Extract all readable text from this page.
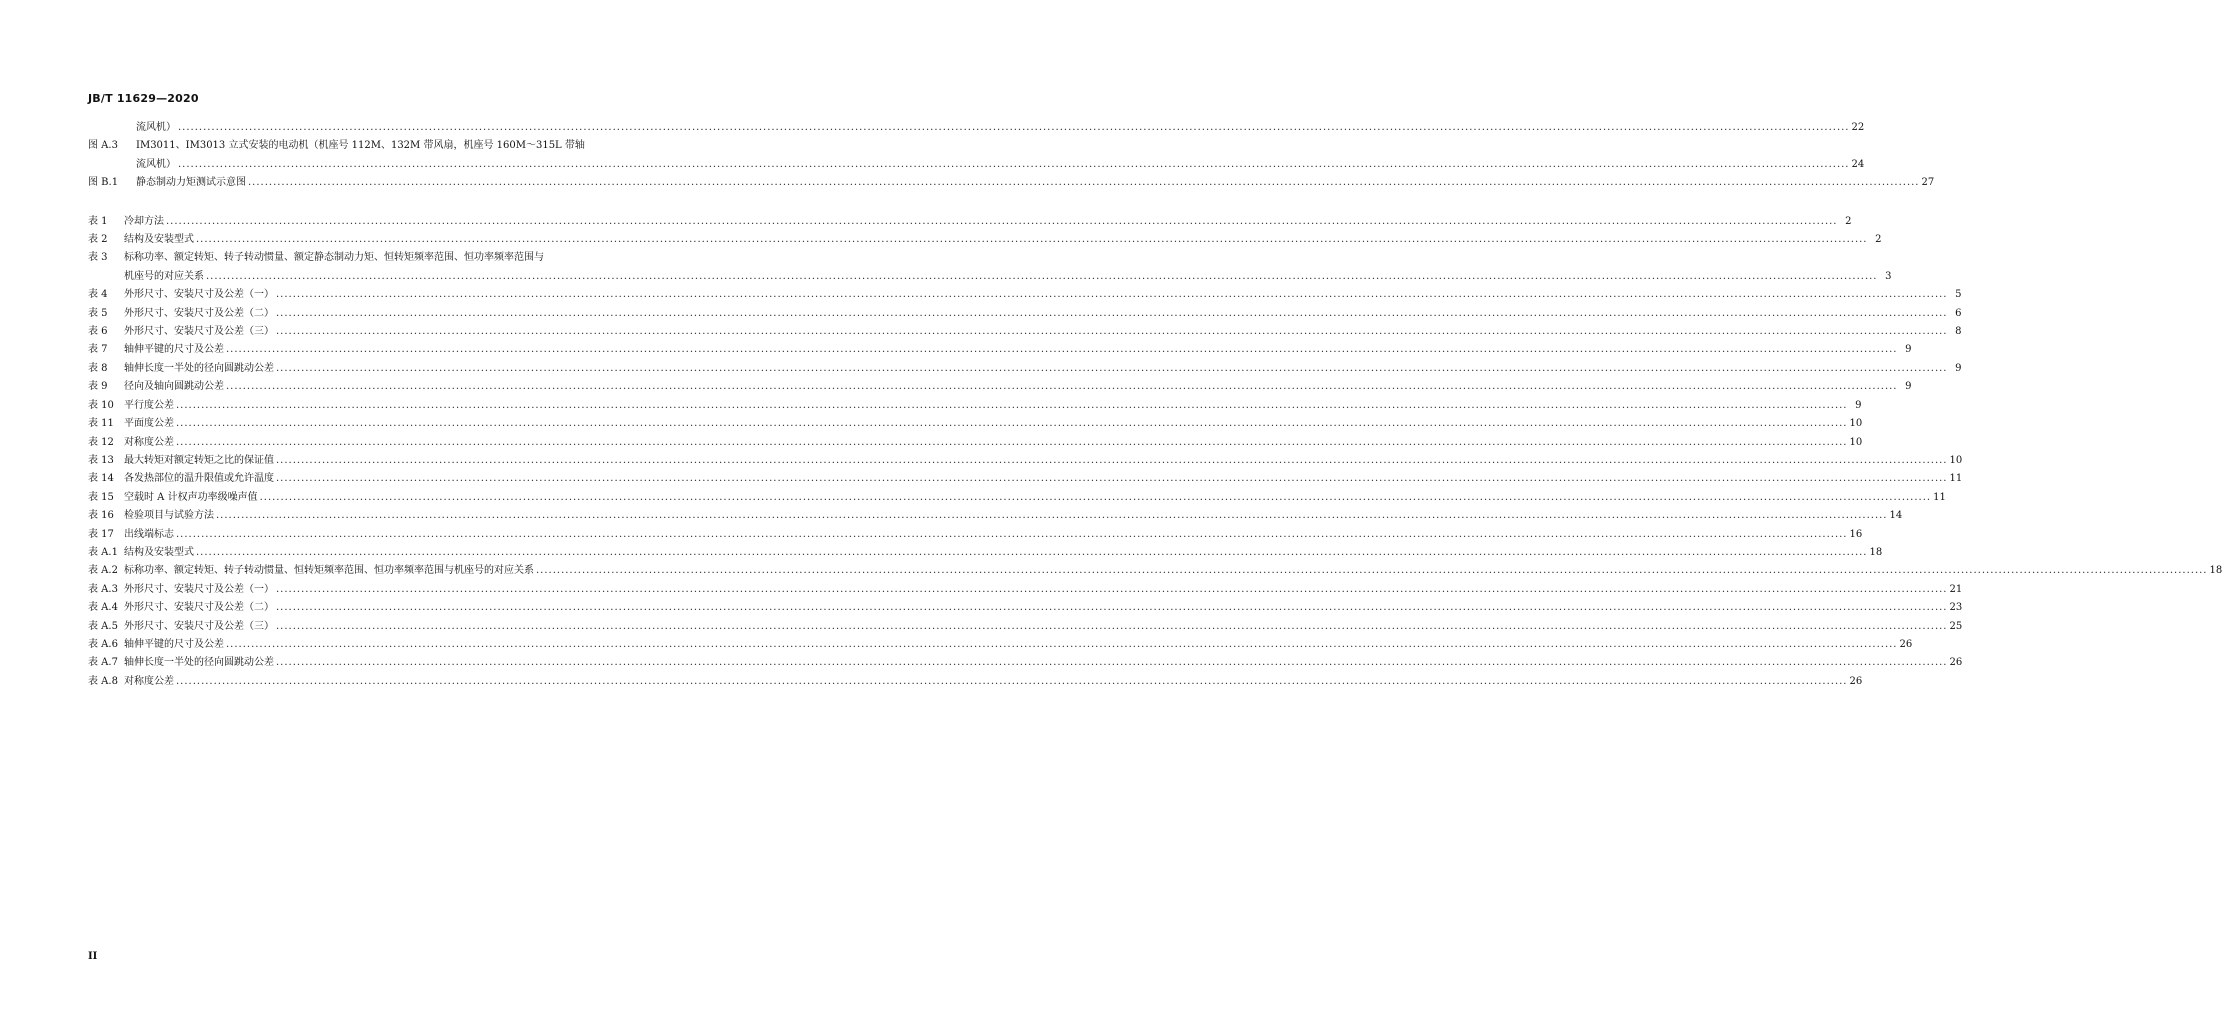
JB/T 11629—2020
流风机） ................................................................................................................................................................................................................................................................................................................................................................................................................ 22
图 A.3	IM3011、IM3013 立式安装的电动机（机座号 112M、132M 带风扇，机座号 160M～315L 带轴
流风机） ................................................................................................................................................................................................................................................................................................................................................................................................................ 24
图 B.1	静态制动力矩测试示意图 ................................................................................................................................................................................................................................................................................................................................................................................................................ 27
表 1	冷却方法 ................................................................................................................................................................................................................................................................................................................................................................................................................ 2
表 2	结构及安装型式 ................................................................................................................................................................................................................................................................................................................................................................................................................ 2
表 3	标称功率、额定转矩、转子转动惯量、额定静态制动力矩、恒转矩频率范围、恒功率频率范围与
机座号的对应关系 ................................................................................................................................................................................................................................................................................................................................................................................................................ 3
表 4	外形尺寸、安装尺寸及公差（一） ................................................................................................................................................................................................................................................................................................................................................................................................................ 5
表 5	外形尺寸、安装尺寸及公差（二） ................................................................................................................................................................................................................................................................................................................................................................................................................ 6
表 6	外形尺寸、安装尺寸及公差（三） ................................................................................................................................................................................................................................................................................................................................................................................................................ 8
表 7	轴伸平键的尺寸及公差 ................................................................................................................................................................................................................................................................................................................................................................................................................ 9
表 8	轴伸长度一半处的径向圆跳动公差 ................................................................................................................................................................................................................................................................................................................................................................................................................ 9
表 9	径向及轴向圆跳动公差 ................................................................................................................................................................................................................................................................................................................................................................................................................ 9
表 10	平行度公差 ................................................................................................................................................................................................................................................................................................................................................................................................................ 9
表 11	平面度公差 ................................................................................................................................................................................................................................................................................................................................................................................................................ 10
表 12	对称度公差 ................................................................................................................................................................................................................................................................................................................................................................................................................ 10
表 13	最大转矩对额定转矩之比的保证值 ................................................................................................................................................................................................................................................................................................................................................................................................................ 10
表 14	各发热部位的温升限值或允许温度 ................................................................................................................................................................................................................................................................................................................................................................................................................ 11
表 15	空载时 A 计权声功率级噪声值 ................................................................................................................................................................................................................................................................................................................................................................................................................ 11
表 16	检验项目与试验方法 ................................................................................................................................................................................................................................................................................................................................................................................................................ 14
表 17	出线端标志 ................................................................................................................................................................................................................................................................................................................................................................................................................ 16
表 A.1 结构及安装型式 ................................................................................................................................................................................................................................................................................................................................................................................................................ 18
表 A.2 标称功率、额定转矩、转子转动惯量、恒转矩频率范围、恒功率频率范围与机座号的对应关系 ................................................................................................................................................................................................................................................................................................................................................................................................................ 18
表 A.3 外形尺寸、安装尺寸及公差（一） ................................................................................................................................................................................................................................................................................................................................................................................................................ 21
表 A.4 外形尺寸、安装尺寸及公差（二） ................................................................................................................................................................................................................................................................................................................................................................................................................ 23
表 A.5 外形尺寸、安装尺寸及公差（三） ................................................................................................................................................................................................................................................................................................................................................................................................................ 25
表 A.6 轴伸平键的尺寸及公差 ................................................................................................................................................................................................................................................................................................................................................................................................................ 26
表 A.7 轴伸长度一半处的径向圆跳动公差 ................................................................................................................................................................................................................................................................................................................................................................................................................ 26
表 A.8 对称度公差 ................................................................................................................................................................................................................................................................................................................................................................................................................ 26
II
